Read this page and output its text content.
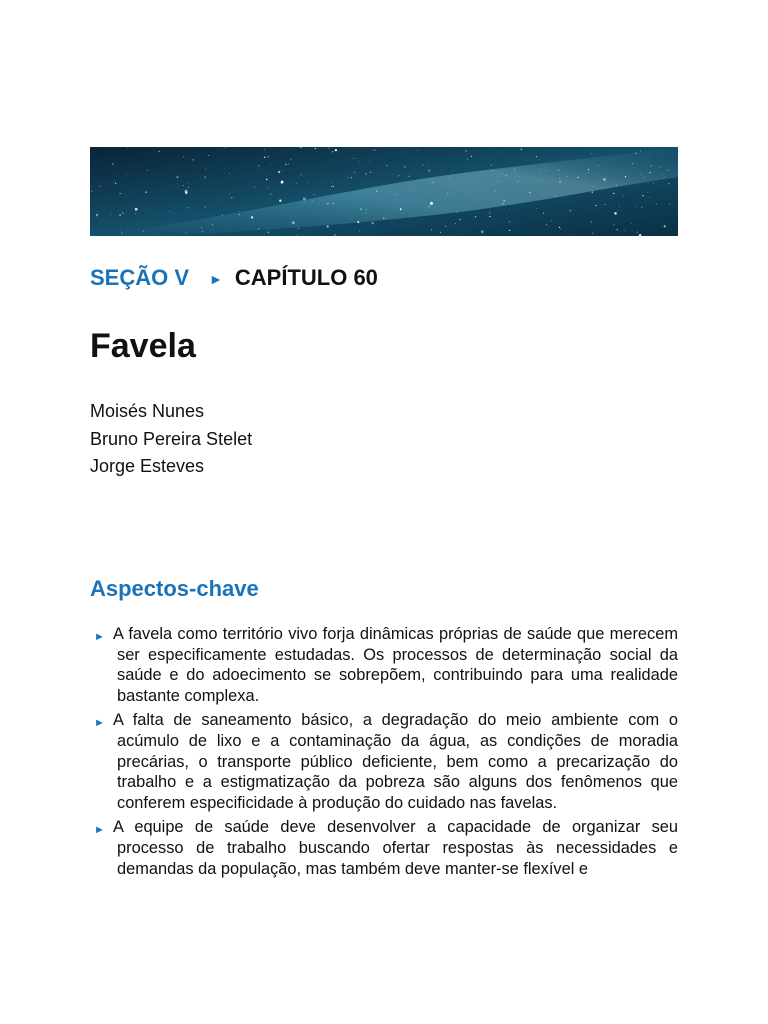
SEÇÃO V ► CAPÍTULO 60
Favela
Moisés Nunes
Bruno Pereira Stelet
Jorge Esteves
Aspectos-chave
► A favela como território vivo forja dinâmicas próprias de saúde que merecem ser especificamente estudadas. Os processos de determinação social da saúde e do adoecimento se sobrepõem, contribuindo para uma realidade bastante complexa.
► A falta de saneamento básico, a degradação do meio ambiente com o acúmulo de lixo e a contaminação da água, as condições de moradia precárias, o transporte público deficiente, bem como a precarização do trabalho e a estigmatização da pobreza são alguns dos fenômenos que conferem especificidade à produção do cuidado nas favelas.
► A equipe de saúde deve desenvolver a capacidade de organizar seu processo de trabalho buscando ofertar respostas às necessidades e demandas da população, mas também deve manter-se flexível e
